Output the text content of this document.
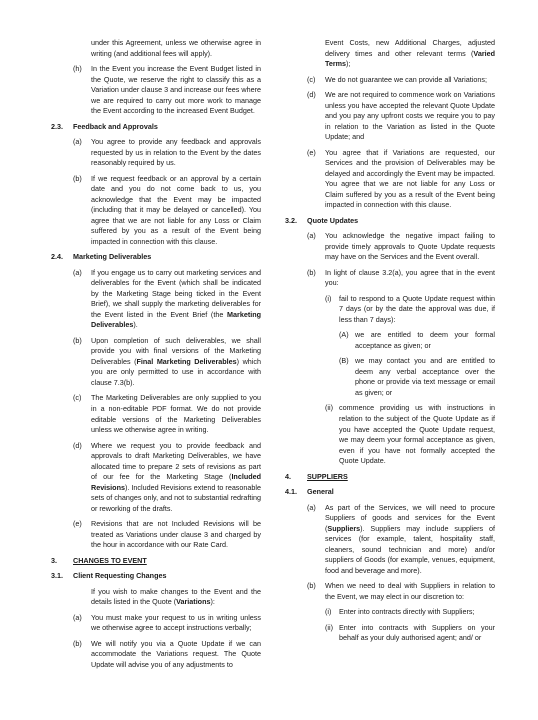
under this Agreement, unless we otherwise agree in writing (and additional fees will apply).

(h) In the Event you increase the Event Budget listed in the Quote, we reserve the right to classify this as a Variation under clause 3 and increase our fees where we are required to carry out more work to manage the Event according to the increased Event Budget.
2.3. Feedback and Approvals
(a) You agree to provide any feedback and approvals requested by us in relation to the Event by the dates reasonably required by us.
(b) If we request feedback or an approval by a certain date and you do not come back to us, you acknowledge that the Event may be impacted (including that it may be delayed or cancelled). You agree that we are not liable for any Loss or Claim suffered by you as a result of the Event being impacted in connection with this clause.
2.4. Marketing Deliverables
(a) If you engage us to carry out marketing services and deliverables for the Event (which shall be indicated by the Marketing Stage being ticked in the Event Brief), we shall supply the marketing deliverables for the Event listed in the Event Brief (the Marketing Deliverables).
(b) Upon completion of such deliverables, we shall provide you with final versions of the Marketing Deliverables (Final Marketing Deliverables) which you are only permitted to use in accordance with clause 7.3(b).
(c) The Marketing Deliverables are only supplied to you in a non-editable PDF format. We do not provide editable versions of the Marketing Deliverables unless we otherwise agree in writing.
(d) Where we request you to provide feedback and approvals to draft Marketing Deliverables, we have allocated time to prepare 2 sets of revisions as part of our fee for the Marketing Stage (Included Revisions). Included Revisions extend to reasonable sets of changes only, and not to substantial redrafting or reworking of the drafts.
(e) Revisions that are not Included Revisions will be treated as Variations under clause 3 and charged by the hour in accordance with our Rate Card.
3. CHANGES TO EVENT
3.1. Client Requesting Changes

If you wish to make changes to the Event and the details listed in the Quote (Variations):

(a) You must make your request to us in writing unless we otherwise agree to accept instructions verbally;
(b) We will notify you via a Quote Update if we can accommodate the Variations request. The Quote Update will advise you of any adjustments to

Event Costs, new Additional Charges, adjusted delivery times and other relevant terms (Varied Terms);

(c) We do not guarantee we can provide all Variations;
(d) We are not required to commence work on Variations unless you have accepted the relevant Quote Update and you pay any upfront costs we require you to pay in relation to the Variation as listed in the Quote Update; and
(e) You agree that if Variations are requested, our Services and the provision of Deliverables may be delayed and accordingly the Event may be impacted. You agree that we are not liable for any Loss or Claim suffered by you as a result of the Event being impacted in connection with this clause.
3.2. Quote Updates
(a) You acknowledge the negative impact failing to provide timely approvals to Quote Update requests may have on the Services and the Event overall.
(b) In light of clause 3.2(a), you agree that in the event you:
(i) fail to respond to a Quote Update request within 7 days (or by the date the approval was due, if less than 7 days):
(A) we are entitled to deem your formal acceptance as given; or
(B) we may contact you and are entitled to deem any verbal acceptance over the phone or provide via text message or email as given; or
(ii) commence providing us with instructions in relation to the subject of the Quote Update as if you have accepted the Quote Update request, we may deem your formal acceptance as given, even if you have not formally accepted the Quote Update.
4. SUPPLIERS
4.1. General
(a) As part of the Services, we will need to procure Suppliers of goods and services for the Event (Suppliers). Suppliers may include suppliers of services (for example, talent, hospitality staff, cleaners, sound technician and more) and/or suppliers of Goods (for example, venues, equipment, food and beverage and more).
(b) When we need to deal with Suppliers in relation to the Event, we may elect in our discretion to:
(i) Enter into contracts directly with Suppliers;
(ii) Enter into contracts with Suppliers on your behalf as your duly authorised agent; and/ or
